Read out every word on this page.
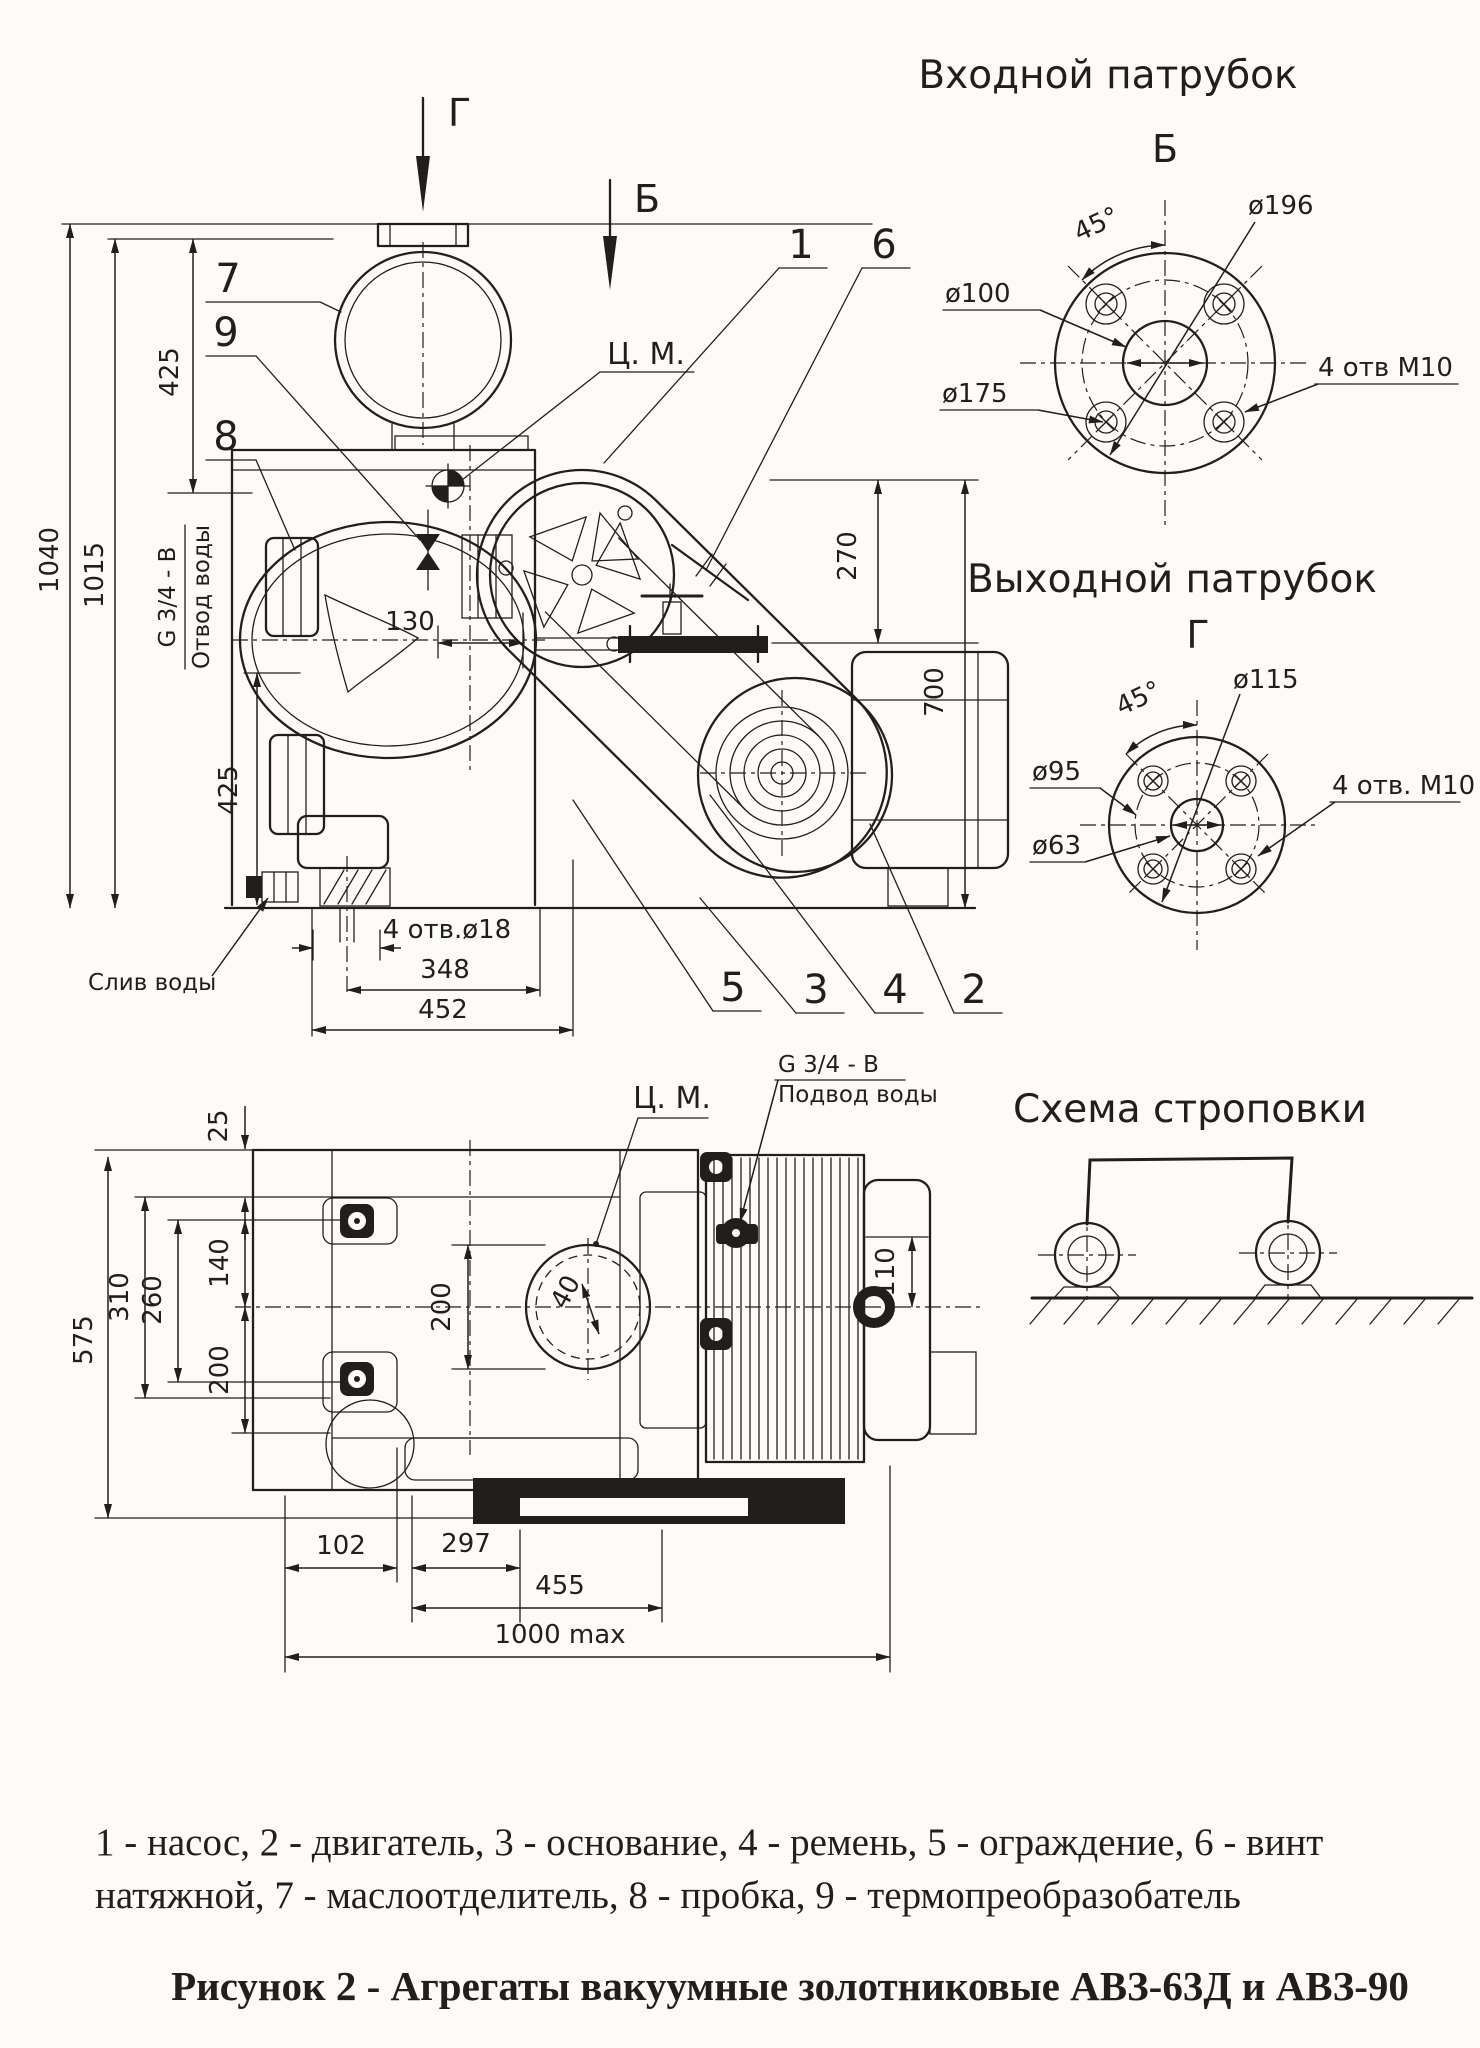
Г
Б
1040 1015
425
G 3/4 - В Отвод воды
425
130
270
700
4 отв.ø18
348
452
Слив воды
Ц. М.
1 6
7
9
8
5 3 4 2
Входной патрубок
Б
45°	ø196
ø100
ø175
4 отв М10
Выходной патрубок
Г
45°	ø115
ø95
ø63
4 отв. М10
40
575
25
310 260
140
200
200
110
102	297
455
1000 max
Ц. М.
G 3/4 - В
Подвод воды Схема строповки
1 - насос, 2 - двигатель, 3 - основание, 4 - ремень, 5 - ограждение, 6 - винт
натяжной, 7 - маслоотделитель, 8 - пробка, 9 - термопреобразобатель
Рисунок 2 - Агрегаты вакуумные золотниковые АВЗ-63Д и АВЗ-90
